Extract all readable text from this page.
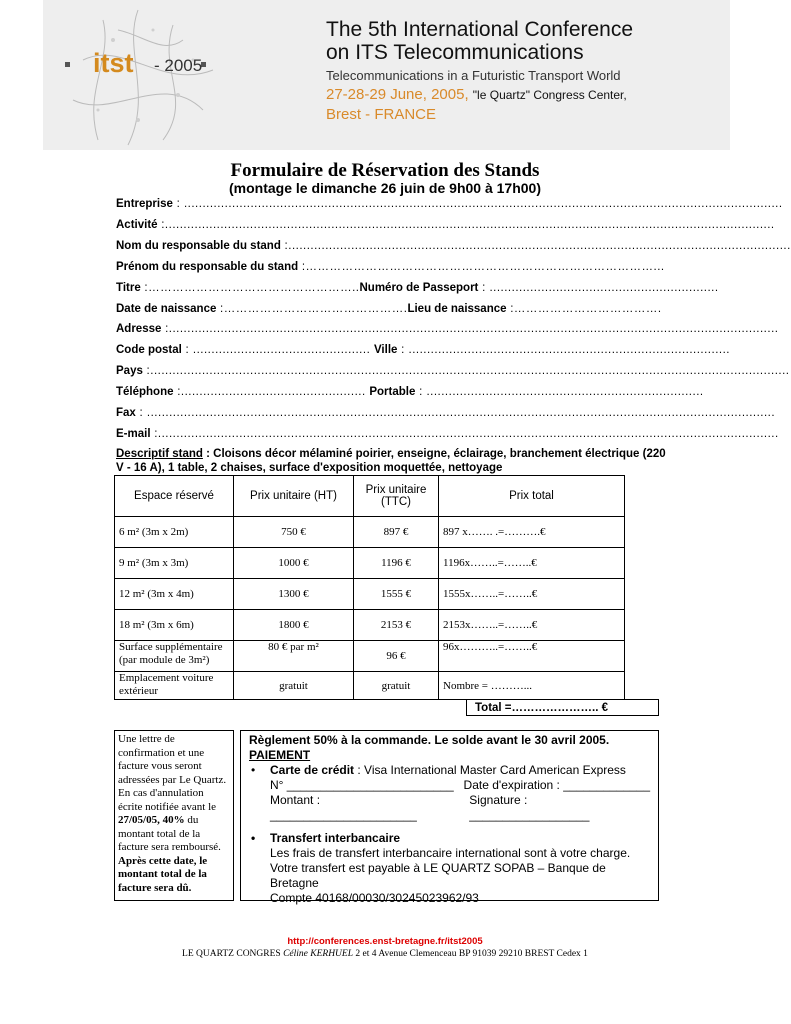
itst - 2005
The 5th International Conference
on ITS Telecommunications
Telecommunications in a Futuristic Transport World
27-28-29 June, 2005, "le Quartz" Congress Center,
Brest - FRANCE
Formulaire de Réservation des Stands
(montage le dimanche 26 juin de 9h00 à 17h00)
Entreprise : ..................................................................................................................................................................
Activité :.....................................................................................................................................................................
Nom du responsable du stand :........................................................................................................................................
Prénom du responsable du stand :……………………………………………………………………………...
Titre :……………………………………………..Numéro de Passeport : ..............................................................
Date de naissance :……………………………………….Lieu de naissance :……………………………….
Adresse :.....................................................................................................................................................................
Code postal : ................................................ Ville : .......................................................................................
Pays :.............................................................................................................................................................................
Téléphone :.................................................. Portable : ...........................................................................
Fax : ..........................................................................................................................................................................
E-mail :........................................................................................................................................................................
Descriptif stand : Cloisons décor mélaminé poirier, enseigne, éclairage, branchement électrique (220 V - 16 A), 1 table, 2 chaises, surface d'exposition moquettée, nettoyage
Espace réservé	Prix unitaire (HT)	Prix unitaire (TTC)	Prix total
6 m² (3m x 2m)	750 €	897 €	897 x……. .=……….€
9 m² (3m x 3m)	1000 €	1196 €	1196x……..=……..€
12 m² (3m x 4m)	1300 €	1555 €	1555x……..=……..€
18 m² (3m x 6m)	1800 €	2153 €	2153x……..=……..€
Surface supplémentaire (par module de 3m²)	80 € par m²	96 €	96x………..=……..€
Emplacement voiture extérieur	gratuit	gratuit	Nombre = ………...
Total =………………….. €
Une lettre de confirmation et une facture vous seront adressées par Le Quartz. En cas d'annulation écrite notifiée avant le 27/05/05, 40% du montant total de la facture sera remboursé. Après cette date, le montant total de la facture sera dû.
Règlement 50% à la commande. Le solde avant le 30 avril 2005.
PAIEMENT
• Carte de crédit : Visa International Master Card American Express
N° _________________________ Date d'expiration : _____________
Montant : ______________________
Signature : __________________
• Transfert interbancaire
Les frais de transfert interbancaire international sont à votre charge.
Votre transfert est payable à LE QUARTZ SOPAB – Banque de Bretagne
Compte 40168/00030/30245023962/93
http://conferences.enst-bretagne.fr/itst2005
LE QUARTZ CONGRES Céline KERHUEL 2 et 4 Avenue Clemenceau BP 91039 29210 BREST Cedex 1
